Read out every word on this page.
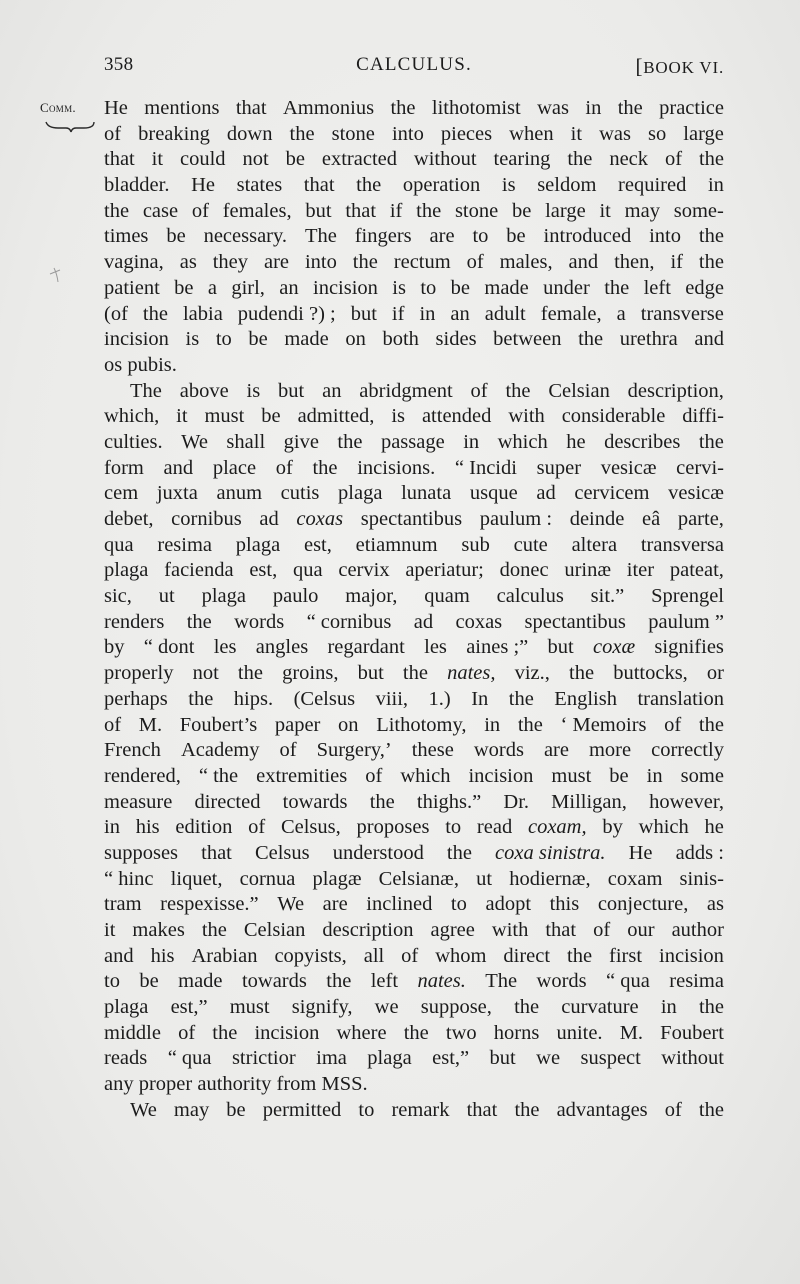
358	CALCULUS.	[BOOK VI.
Comm.	He mentions that Ammonius the lithotomist was in the practice
of breaking down the stone into pieces when it was so large
that it could not be extracted without tearing the neck of the
bladder. He states that the operation is seldom required in
the case of females, but that if the stone be large it may some-
times be necessary. The fingers are to be introduced into the
vagina, as they are into the rectum of males, and then, if the
patient be a girl, an incision is to be made under the left edge
(of the labia pudendi ?) ; but if in an adult female, a transverse
incision is to be made on both sides between the urethra and
os pubis.
The above is but an abridgment of the Celsian description,
which, it must be admitted, is attended with considerable diffi-
culties. We shall give the passage in which he describes the
form and place of the incisions. “ Incidi super vesicæ cervi-
cem juxta anum cutis plaga lunata usque ad cervicem vesicæ
debet, cornibus ad coxas spectantibus paulum : deinde eâ parte,
qua resima plaga est, etiamnum sub cute altera transversa
plaga facienda est, qua cervix aperiatur; donec urinæ iter pateat,
sic, ut plaga paulo major, quam calculus sit.” Sprengel
renders the words “ cornibus ad coxas spectantibus paulum ”
by “ dont les angles regardant les aines ;” but coxæ signifies
properly not the groins, but the nates, viz., the buttocks, or
perhaps the hips. (Celsus viii, 1.) In the English translation
of M. Foubert’s paper on Lithotomy, in the ‘ Memoirs of the
French Academy of Surgery,’ these words are more correctly
rendered, “ the extremities of which incision must be in some
measure directed towards the thighs.” Dr. Milligan, however,
in his edition of Celsus, proposes to read coxam, by which he
supposes that Celsus understood the coxa sinistra. He adds :
“ hinc liquet, cornua plagæ Celsianæ, ut hodiernæ, coxam sinis-
tram respexisse.” We are inclined to adopt this conjecture, as
it makes the Celsian description agree with that of our author
and his Arabian copyists, all of whom direct the first incision
to be made towards the left nates. The words “ qua resima
plaga est,” must signify, we suppose, the curvature in the
middle of the incision where the two horns unite. M. Foubert
reads “ qua strictior ima plaga est,” but we suspect without
any proper authority from MSS.
We may be permitted to remark that the advantages of the
